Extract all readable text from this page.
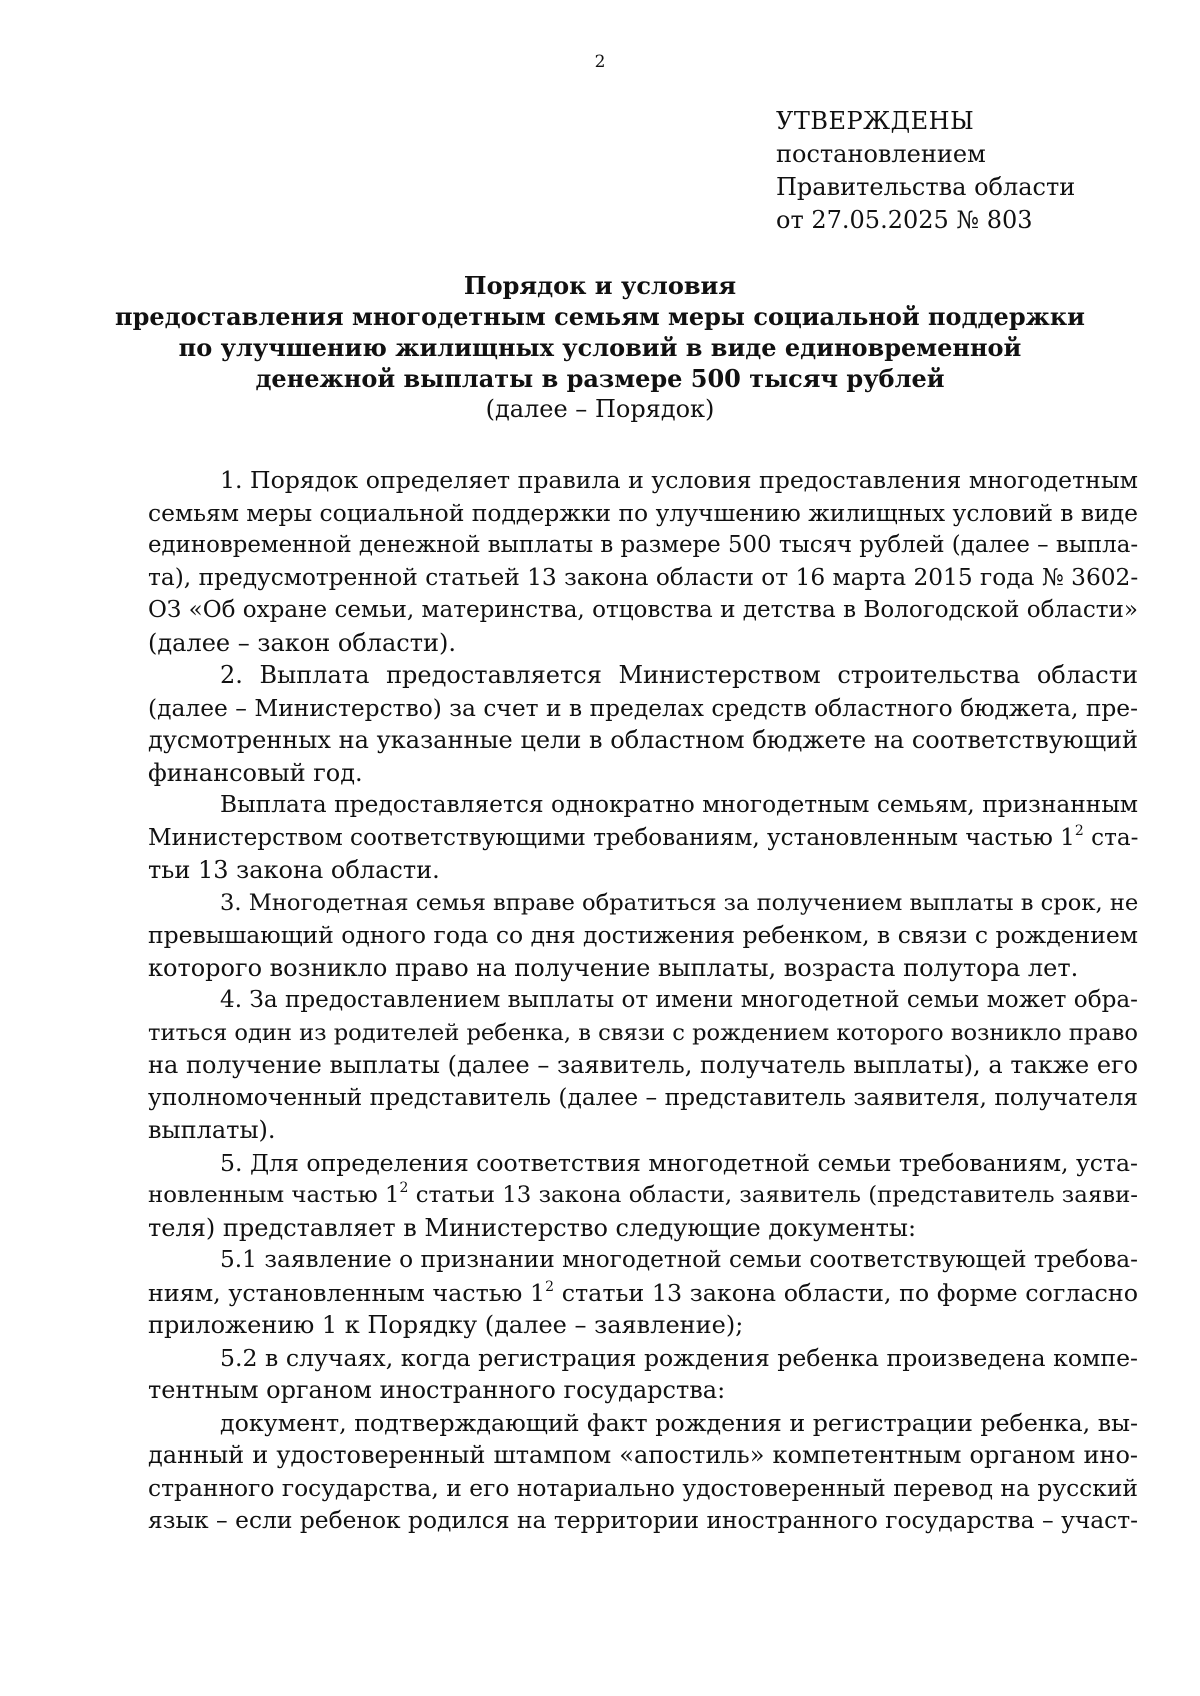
2
УТВЕРЖДЕНЫ
постановлением
Правительства области
от 27.05.2025 № 803
Порядок и условия
предоставления многодетным семьям меры социальной поддержки
по улучшению жилищных условий в виде единовременной
денежной выплаты в размере 500 тысяч рублей
(далее – Порядок)
1. Порядок определяет правила и условия предоставления многодетным
семьям меры социальной поддержки по улучшению жилищных условий в виде
единовременной денежной выплаты в размере 500 тысяч рублей (далее – выпла-
та), предусмотренной статьей 13 закона области от 16 марта 2015 года № 3602-
ОЗ «Об охране семьи, материнства, отцовства и детства в Вологодской области»
(далее – закон области).
2. Выплата предоставляется Министерством строительства области
(далее – Министерство) за счет и в пределах средств областного бюджета, пре-
дусмотренных на указанные цели в областном бюджете на соответствующий
финансовый год.
Выплата предоставляется однократно многодетным семьям, признанным
Министерством соответствующими требованиям, установленным частью $1^2$ ста-
тьи 13 закона области.
3. Многодетная семья вправе обратиться за получением выплаты в срок, не
превышающий одного года со дня достижения ребенком, в связи с рождением
которого возникло право на получение выплаты, возраста полутора лет.
4. За предоставлением выплаты от имени многодетной семьи может обра-
титься один из родителей ребенка, в связи с рождением которого возникло право
на получение выплаты (далее – заявитель, получатель выплаты), а также его
уполномоченный представитель (далее – представитель заявителя, получателя
выплаты).
5. Для определения соответствия многодетной семьи требованиям, уста-
новленным частью $1^2$ статьи 13 закона области, заявитель (представитель заяви-
теля) представляет в Министерство следующие документы:
5.1 заявление о признании многодетной семьи соответствующей требова-
ниям, установленным частью $1^2$ статьи 13 закона области, по форме согласно
приложению 1 к Порядку (далее – заявление);
5.2 в случаях, когда регистрация рождения ребенка произведена компе-
тентным органом иностранного государства:
документ, подтверждающий факт рождения и регистрации ребенка, вы-
данный и удостоверенный штампом «апостиль» компетентным органом ино-
странного государства, и его нотариально удостоверенный перевод на русский
язык – если ребенок родился на территории иностранного государства – участ-
